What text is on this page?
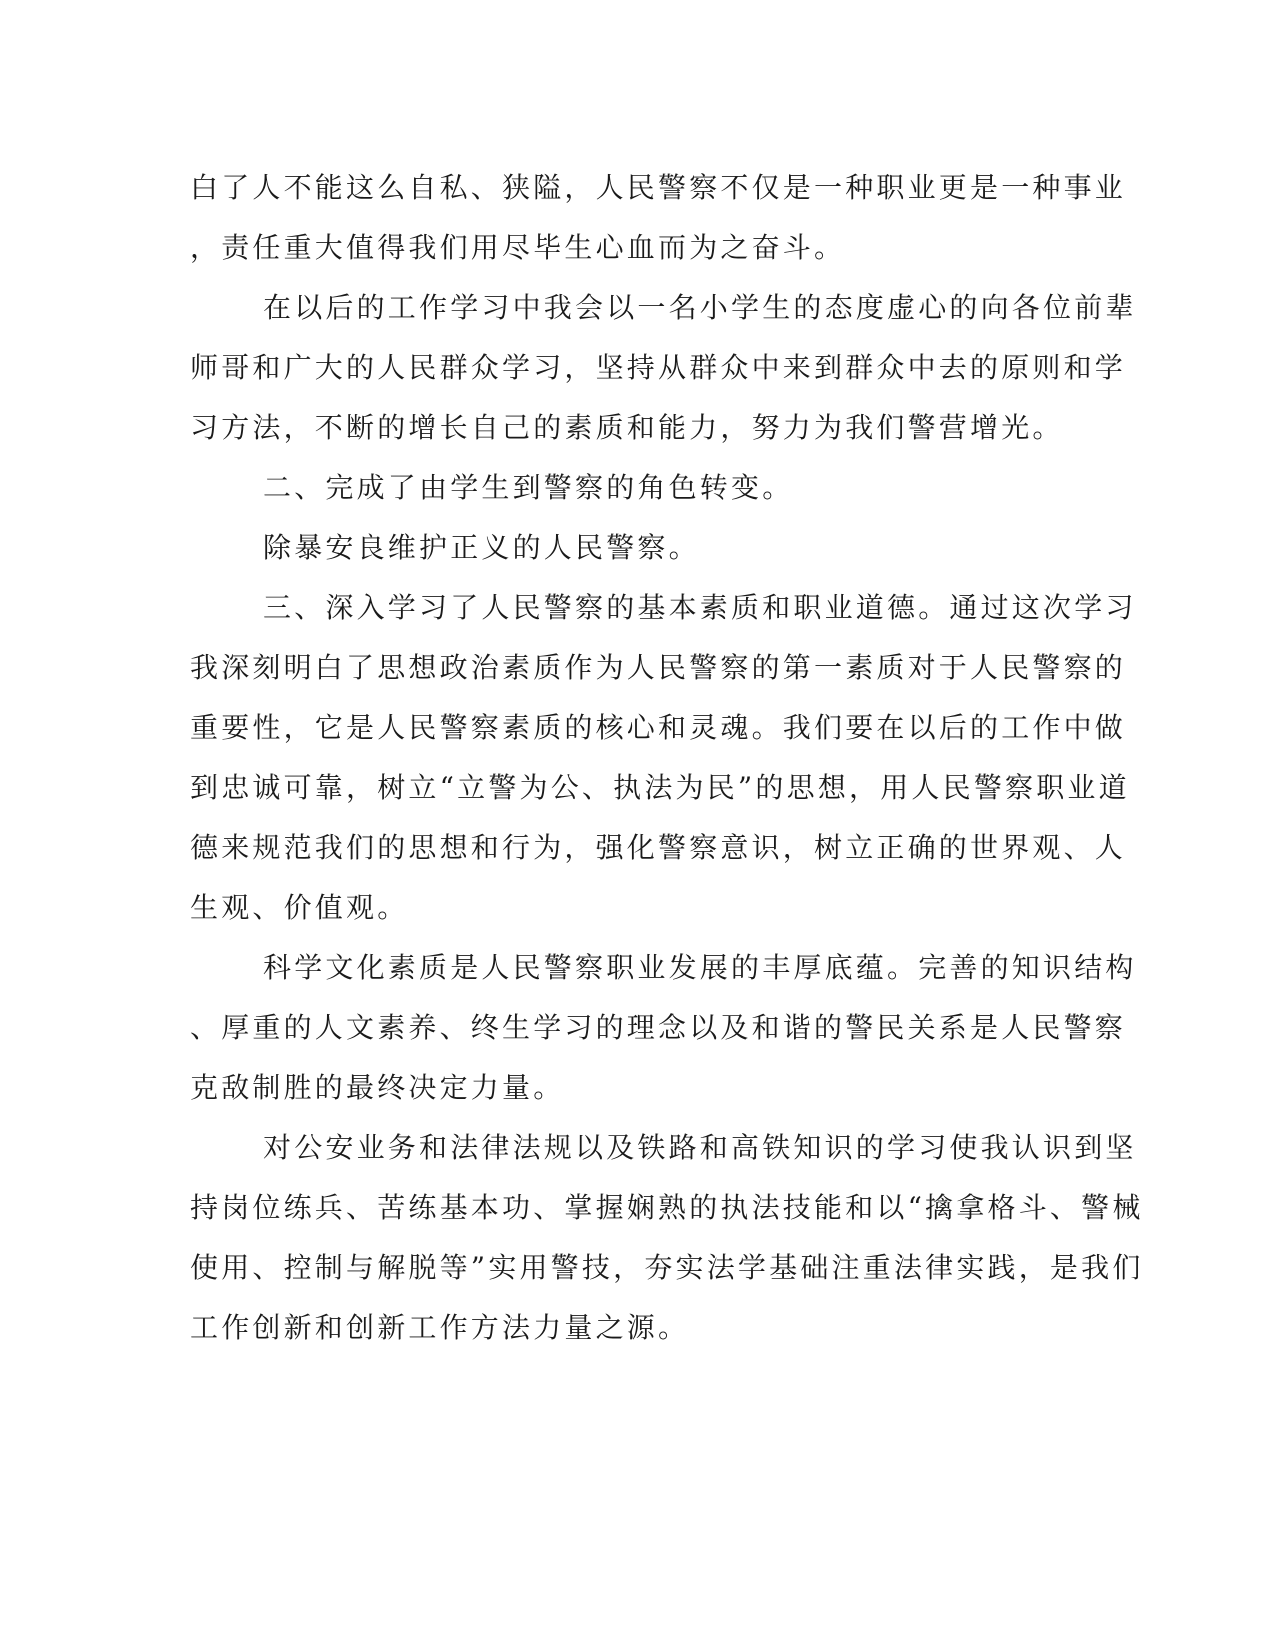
白了人不能这么自私、狭隘，人民警察不仅是一种职业更是一种事业
，责任重大值得我们用尽毕生心血而为之奋斗。
在以后的工作学习中我会以一名小学生的态度虚心的向各位前辈
师哥和广大的人民群众学习，坚持从群众中来到群众中去的原则和学
习方法，不断的增长自己的素质和能力，努力为我们警营增光。
二、完成了由学生到警察的角色转变。
除暴安良维护正义的人民警察。
三、深入学习了人民警察的基本素质和职业道德。通过这次学习
我深刻明白了思想政治素质作为人民警察的第一素质对于人民警察的
重要性，它是人民警察素质的核心和灵魂。我们要在以后的工作中做
到忠诚可靠，树立“立警为公、执法为民”的思想，用人民警察职业道
德来规范我们的思想和行为，强化警察意识，树立正确的世界观、人
生观、价值观。
科学文化素质是人民警察职业发展的丰厚底蕴。完善的知识结构
、厚重的人文素养、终生学习的理念以及和谐的警民关系是人民警察
克敌制胜的最终决定力量。
对公安业务和法律法规以及铁路和高铁知识的学习使我认识到坚
持岗位练兵、苦练基本功、掌握娴熟的执法技能和以“擒拿格斗、警械
使用、控制与解脱等”实用警技，夯实法学基础注重法律实践，是我们
工作创新和创新工作方法力量之源。
